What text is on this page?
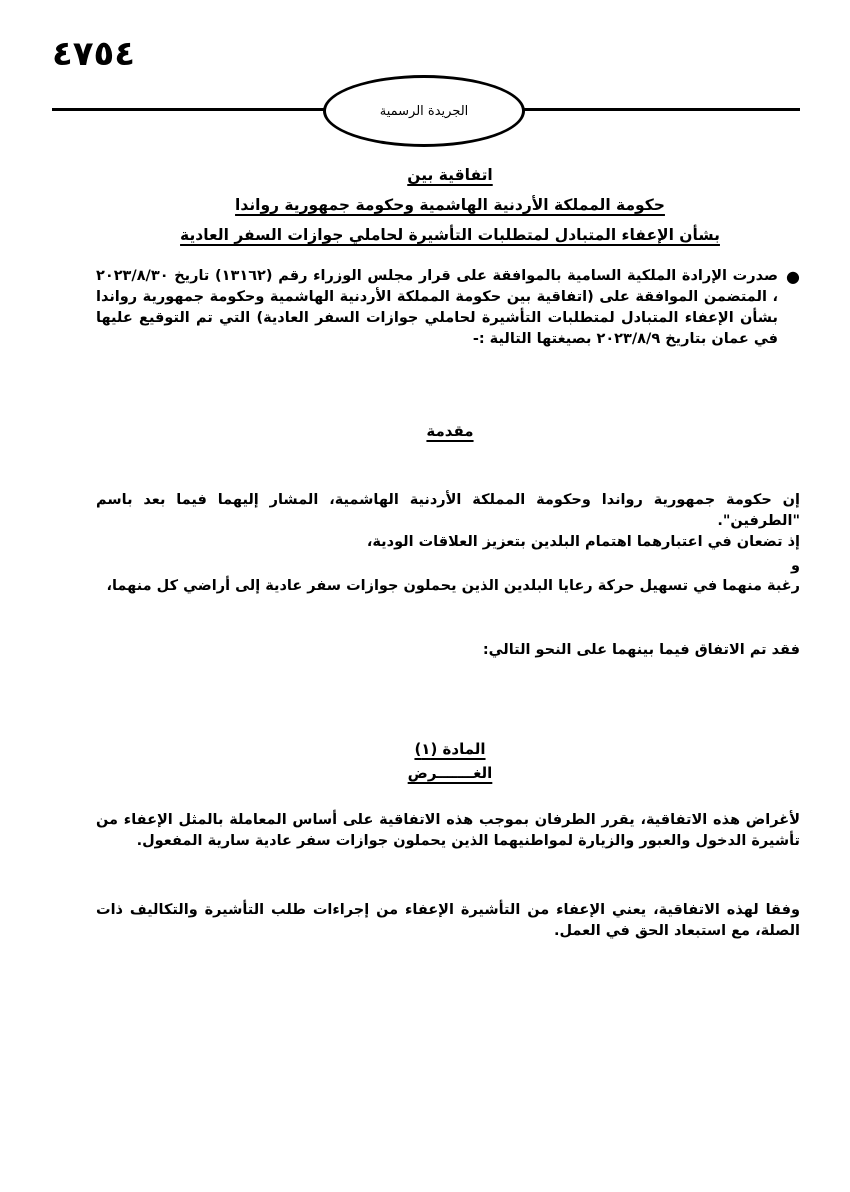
٤٧٥٤
الجريدة الرسمية
اتفاقية بين
حكومة المملكة الأردنية الهاشمية وحكومة جمهورية رواندا
بشأن الإعفاء المتبادل لمتطلبات التأشيرة لحاملي جوازات السفر العادية
●
صدرت الإرادة الملكية السامية بالموافقة على قرار مجلس الوزراء رقم (١٣١٦٢) تاريخ ٢٠٢٣/٨/٣٠ ، المتضمن الموافقة على (اتفاقية بين حكومة المملكة الأردنية الهاشمية وحكومة جمهورية رواندا بشأن الإعفاء المتبادل لمتطلبات التأشيرة لحاملي جوازات السفر العادية) التي تم التوقيع عليها في عمان بتاريخ ٢٠٢٣/٨/٩ بصيغتها التالية :-
مقدمة
إن حكومة جمهورية رواندا وحكومة المملكة الأردنية الهاشمية، المشار إليهما فيما بعد باسم "الطرفين".
إذ تضعان في اعتبارهما اهتمام البلدين بتعزيز العلاقات الودية،
و
رغبة منهما في تسهيل حركة رعايا البلدين الذين يحملون جوازات سفر عادية إلى أراضي كل منهما،
فقد تم الاتفاق فيما بينهما على النحو التالي:
المادة (١)
الغـــــــرض
لأغراض هذه الاتفاقية، يقرر الطرفان بموجب هذه الاتفاقية على أساس المعاملة بالمثل الإعفاء من تأشيرة الدخول والعبور والزيارة لمواطنيهما الذين يحملون جوازات سفر عادية سارية المفعول.
وفقا لهذه الاتفاقية، يعني الإعفاء من التأشيرة الإعفاء من إجراءات طلب التأشيرة والتكاليف ذات الصلة، مع استبعاد الحق في العمل.
